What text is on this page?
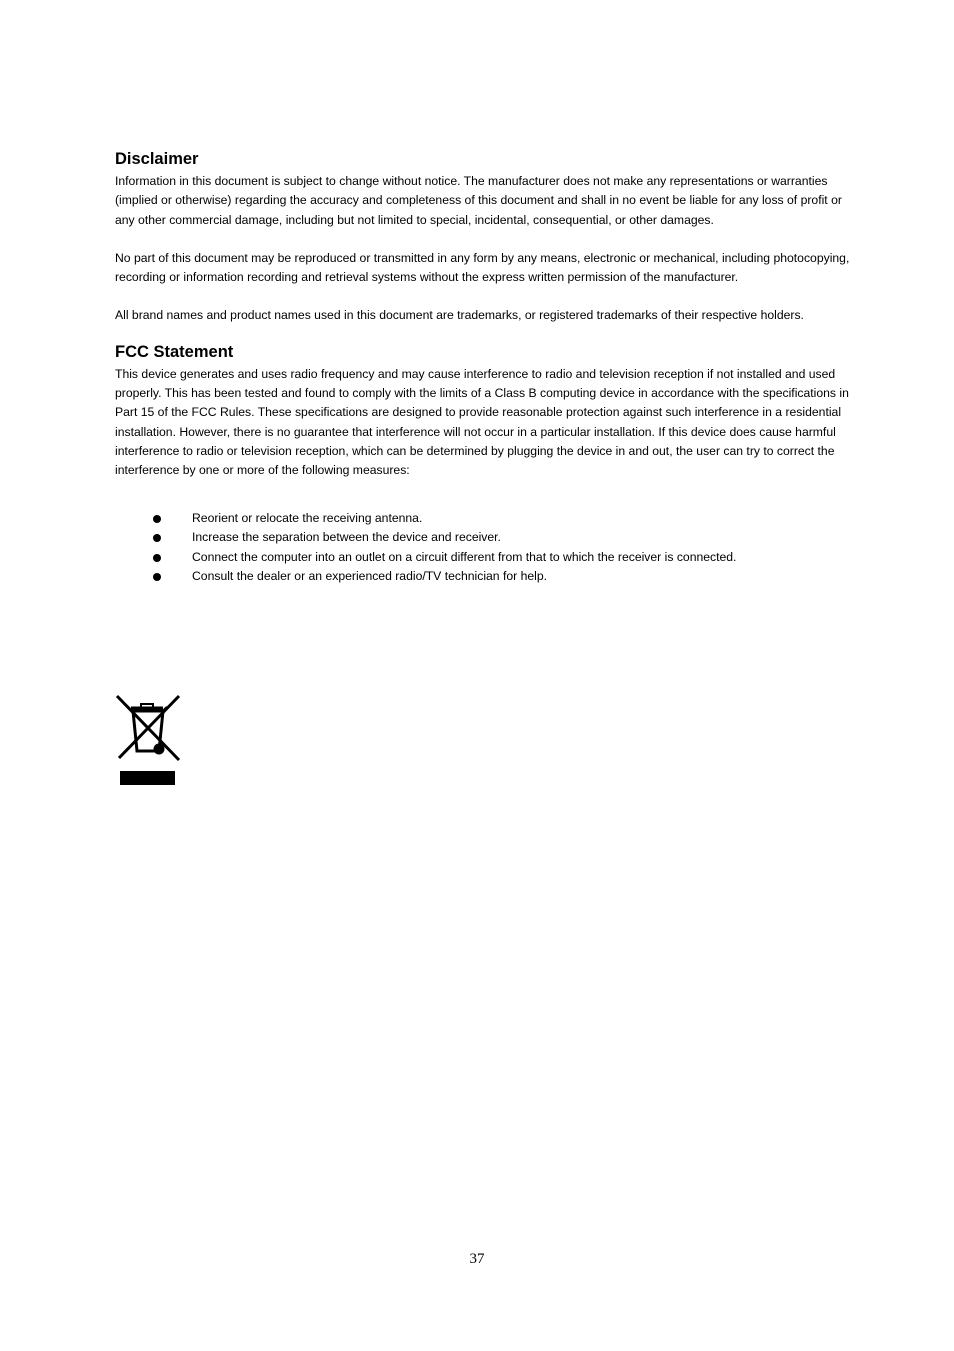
Disclaimer

Information in this document is subject to change without notice. The manufacturer does not make any representations or warranties (implied or otherwise) regarding the accuracy and completeness of this document and shall in no event be liable for any loss of profit or any other commercial damage, including but not limited to special, incidental, consequential, or other damages.

No part of this document may be reproduced or transmitted in any form by any means, electronic or mechanical, including photocopying, recording or information recording and retrieval systems without the express written permission of the manufacturer.

All brand names and product names used in this document are trademarks, or registered trademarks of their respective holders.

FCC Statement

This device generates and uses radio frequency and may cause interference to radio and television reception if not installed and used properly. This has been tested and found to comply with the limits of a Class B computing device in accordance with the specifications in Part 15 of the FCC Rules. These specifications are designed to provide reasonable protection against such interference in a residential installation. However, there is no guarantee that interference will not occur in a particular installation. If this device does cause harmful interference to radio or television reception, which can be determined by plugging the device in and out, the user can try to correct the interference by one or more of the following measures:

Reorient or relocate the receiving antenna.
Increase the separation between the device and receiver.
Connect the computer into an outlet on a circuit different from that to which the receiver is connected.
Consult the dealer or an experienced radio/TV technician for help.
37
